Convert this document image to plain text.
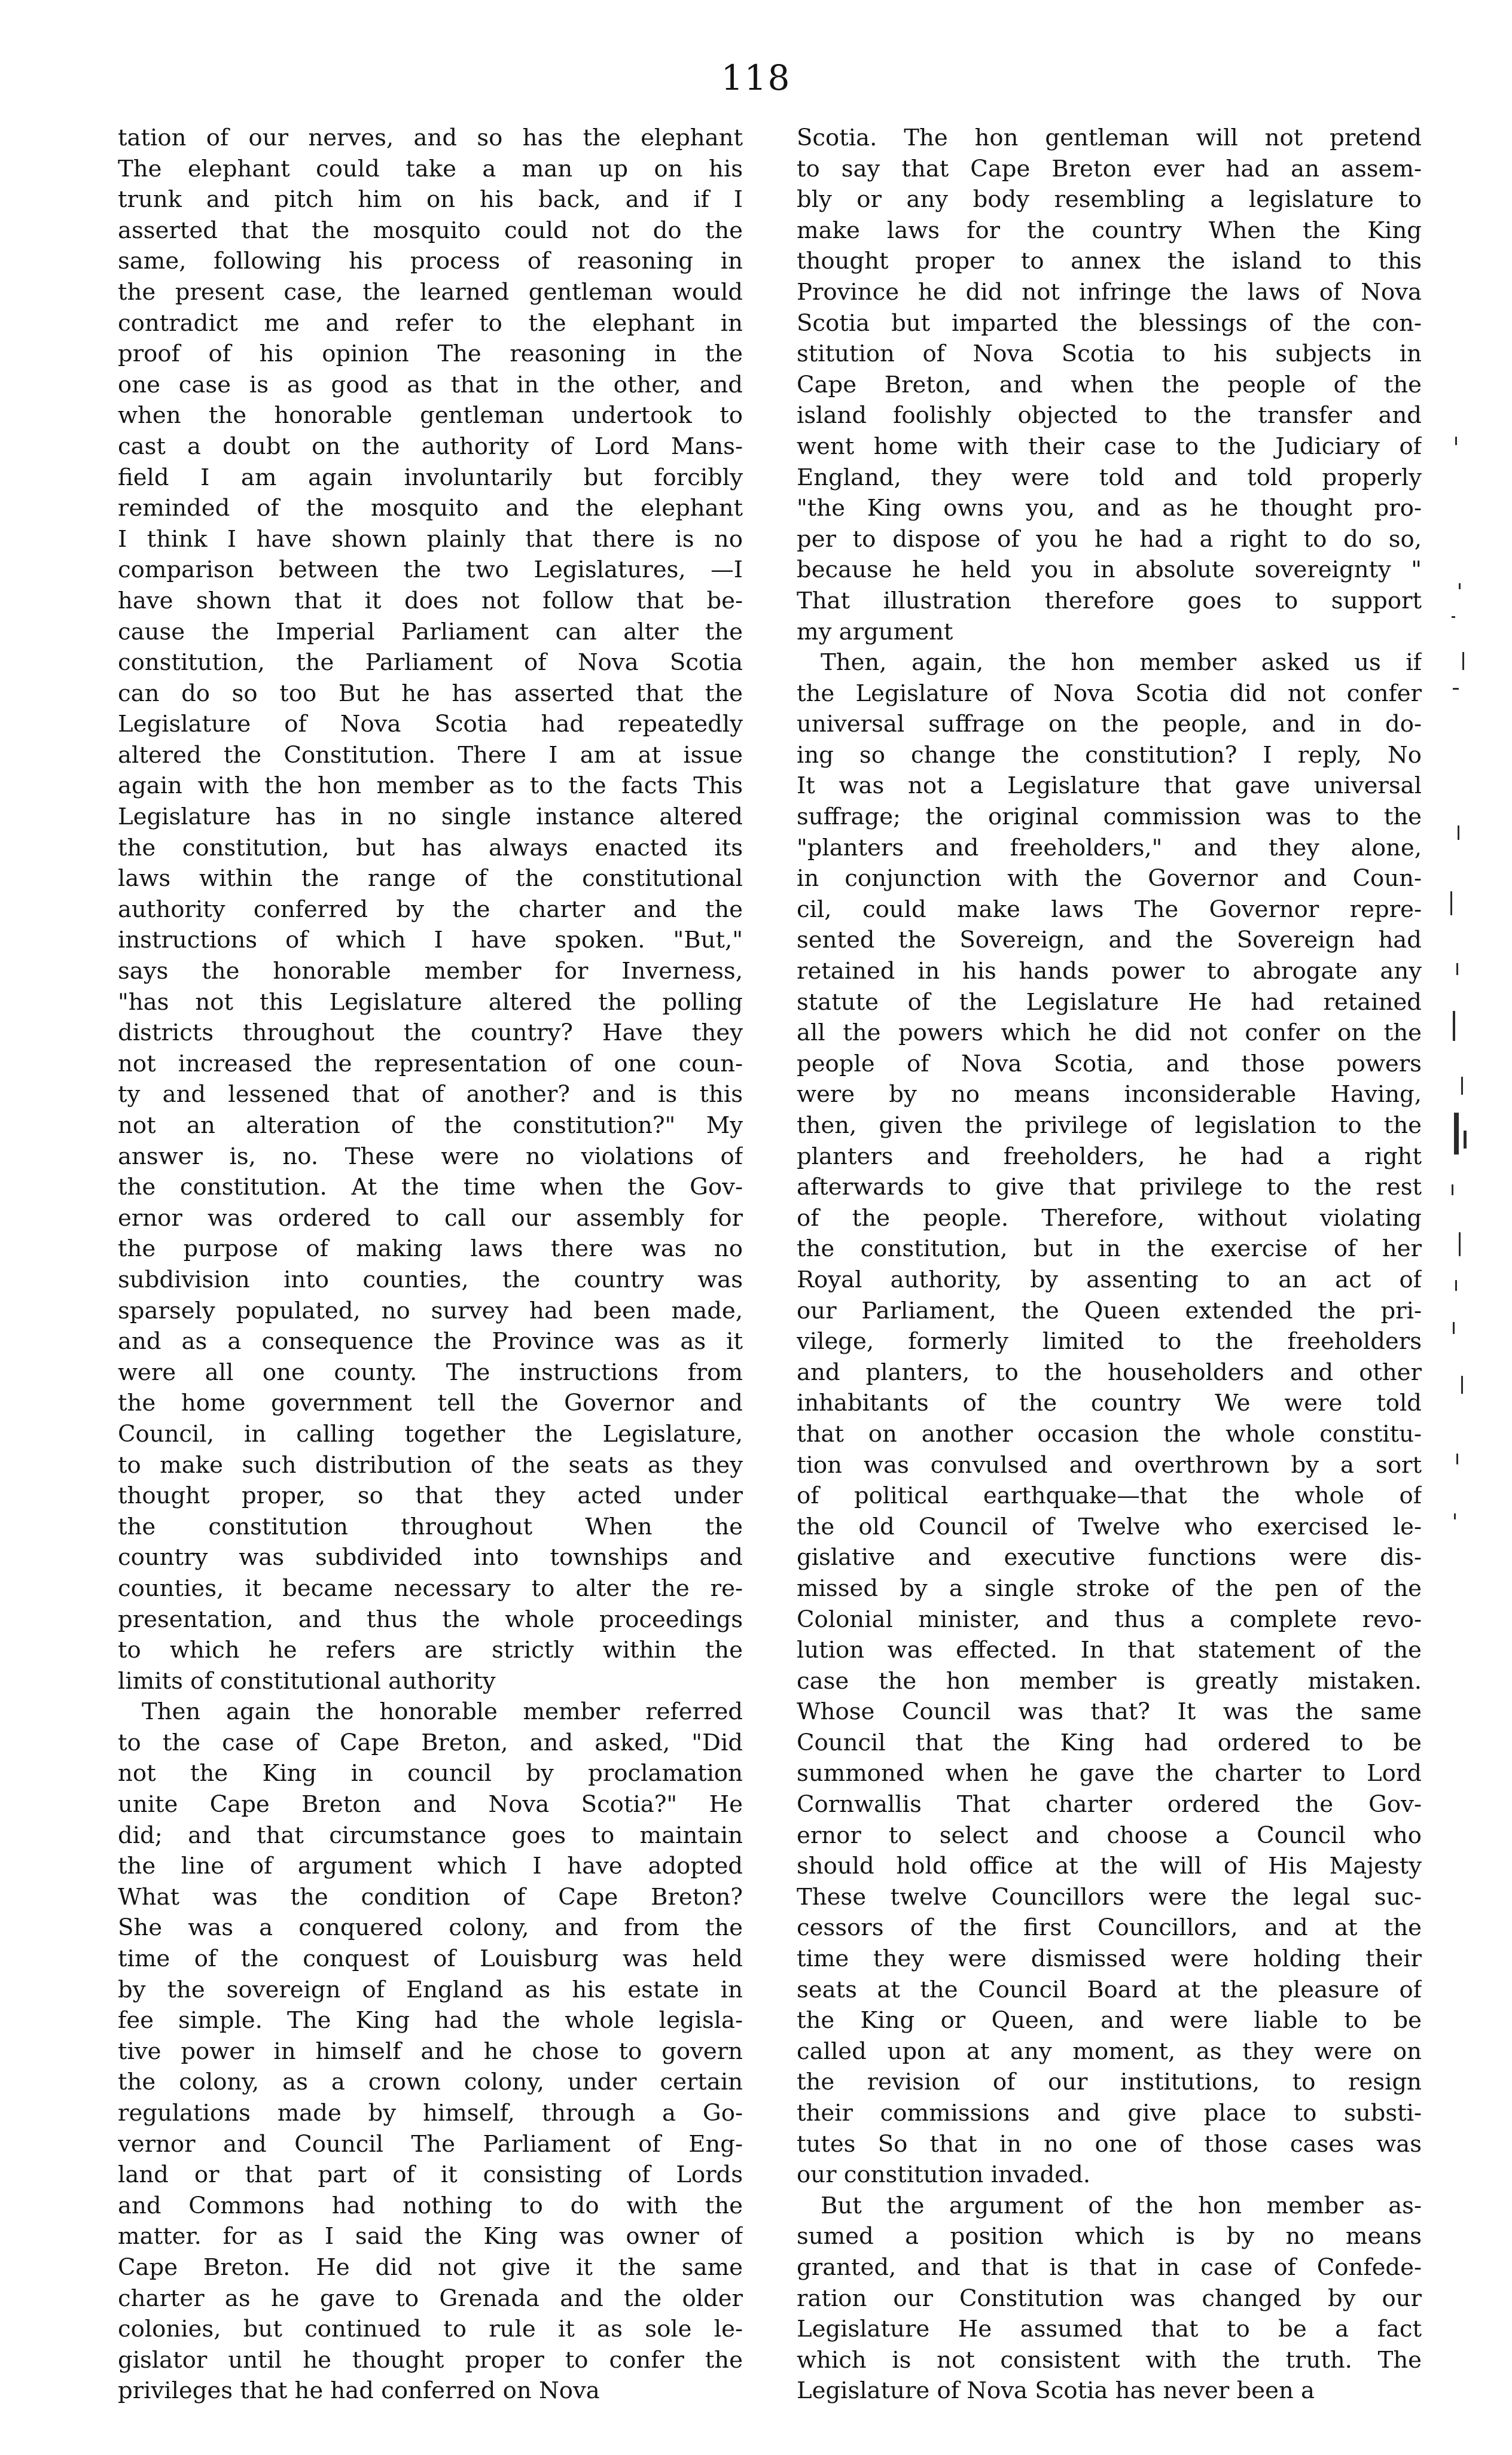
118
tation of our nerves, and so has the elephant
The elephant could take a man up on his
trunk and pitch him on his back, and if I
asserted that the mosquito could not do the
same, following his process of reasoning in
the present case, the learned gentleman would
contradict me and refer to the elephant in
proof of his opinion The reasoning in the
one case is as good as that in the other, and
when the honorable gentleman undertook to
cast a doubt on the authority of Lord Mans-
field I am again involuntarily but forcibly
reminded of the mosquito and the elephant
I think I have shown plainly that there is no
comparison between the two Legislatures, —I
have shown that it does not follow that be-
cause the Imperial Parliament can alter the
constitution, the Parliament of Nova Scotia
can do so too But he has asserted that the
Legislature of Nova Scotia had repeatedly
altered the Constitution. There I am at issue
again with the hon member as to the facts This
Legislature has in no single instance altered
the constitution, but has always enacted its
laws within the range of the constitutional
authority conferred by the charter and the
instructions of which I have spoken. "But,"
says the honorable member for Inverness,
"has not this Legislature altered the polling
districts throughout the country? Have they
not increased the representation of one coun-
ty and lessened that of another? and is this
not an alteration of the constitution?" My
answer is, no. These were no violations of
the constitution. At the time when the Gov-
ernor was ordered to call our assembly for
the purpose of making laws there was no
subdivision into counties, the country was
sparsely populated, no survey had been made,
and as a consequence the Province was as it
were all one county. The instructions from
the home government tell the Governor and
Council, in calling together the Legislature,
to make such distribution of the seats as they
thought proper, so that they acted under
the constitution throughout When the
country was subdivided into townships and
counties, it became necessary to alter the re-
presentation, and thus the whole proceedings
to which he refers are strictly within the
limits of constitutional authority
Then again the honorable member referred
to the case of Cape Breton, and asked, "Did
not the King in council by proclamation
unite Cape Breton and Nova Scotia?" He
did; and that circumstance goes to maintain
the line of argument which I have adopted
What was the condition of Cape Breton?
She was a conquered colony, and from the
time of the conquest of Louisburg was held
by the sovereign of England as his estate in
fee simple. The King had the whole legisla-
tive power in himself and he chose to govern
the colony, as a crown colony, under certain
regulations made by himself, through a Go-
vernor and Council The Parliament of Eng-
land or that part of it consisting of Lords
and Commons had nothing to do with the
matter. for as I said the King was owner of
Cape Breton. He did not give it the same
charter as he gave to Grenada and the older
colonies, but continued to rule it as sole le-
gislator until he thought proper to confer the
privileges that he had conferred on Nova
Scotia. The hon gentleman will not pretend
to say that Cape Breton ever had an assem-
bly or any body resembling a legislature to
make laws for the country When the King
thought proper to annex the island to this
Province he did not infringe the laws of Nova
Scotia but imparted the blessings of the con-
stitution of Nova Scotia to his subjects in
Cape Breton, and when the people of the
island foolishly objected to the transfer and
went home with their case to the Judiciary of
England, they were told and told properly
"the King owns you, and as he thought pro-
per to dispose of you he had a right to do so,
because he held you in absolute sovereignty "
That illustration therefore goes to support
my argument
Then, again, the hon member asked us if
the Legislature of Nova Scotia did not confer
universal suffrage on the people, and in do-
ing so change the constitution? I reply, No
It was not a Legislature that gave universal
suffrage; the original commission was to the
"planters and freeholders," and they alone,
in conjunction with the Governor and Coun-
cil, could make laws The Governor repre-
sented the Sovereign, and the Sovereign had
retained in his hands power to abrogate any
statute of the Legislature He had retained
all the powers which he did not confer on the
people of Nova Scotia, and those powers
were by no means inconsiderable Having,
then, given the privilege of legislation to the
planters and freeholders, he had a right
afterwards to give that privilege to the rest
of the people. Therefore, without violating
the constitution, but in the exercise of her
Royal authority, by assenting to an act of
our Parliament, the Queen extended the pri-
vilege, formerly limited to the freeholders
and planters, to the householders and other
inhabitants of the country We were told
that on another occasion the whole constitu-
tion was convulsed and overthrown by a sort
of political earthquake—that the whole of
the old Council of Twelve who exercised le-
gislative and executive functions were dis-
missed by a single stroke of the pen of the
Colonial minister, and thus a complete revo-
lution was effected. In that statement of the
case the hon member is greatly mistaken.
Whose Council was that? It was the same
Council that the King had ordered to be
summoned when he gave the charter to Lord
Cornwallis That charter ordered the Gov-
ernor to select and choose a Council who
should hold office at the will of His Majesty
These twelve Councillors were the legal suc-
cessors of the first Councillors, and at the
time they were dismissed were holding their
seats at the Council Board at the pleasure of
the King or Queen, and were liable to be
called upon at any moment, as they were on
the revision of our institutions, to resign
their commissions and give place to substi-
tutes So that in no one of those cases was
our constitution invaded.
But the argument of the hon member as-
sumed a position which is by no means
granted, and that is that in case of Confede-
ration our Constitution was changed by our
Legislature He assumed that to be a fact
which is not consistent with the truth. The
Legislature of Nova Scotia has never been a
